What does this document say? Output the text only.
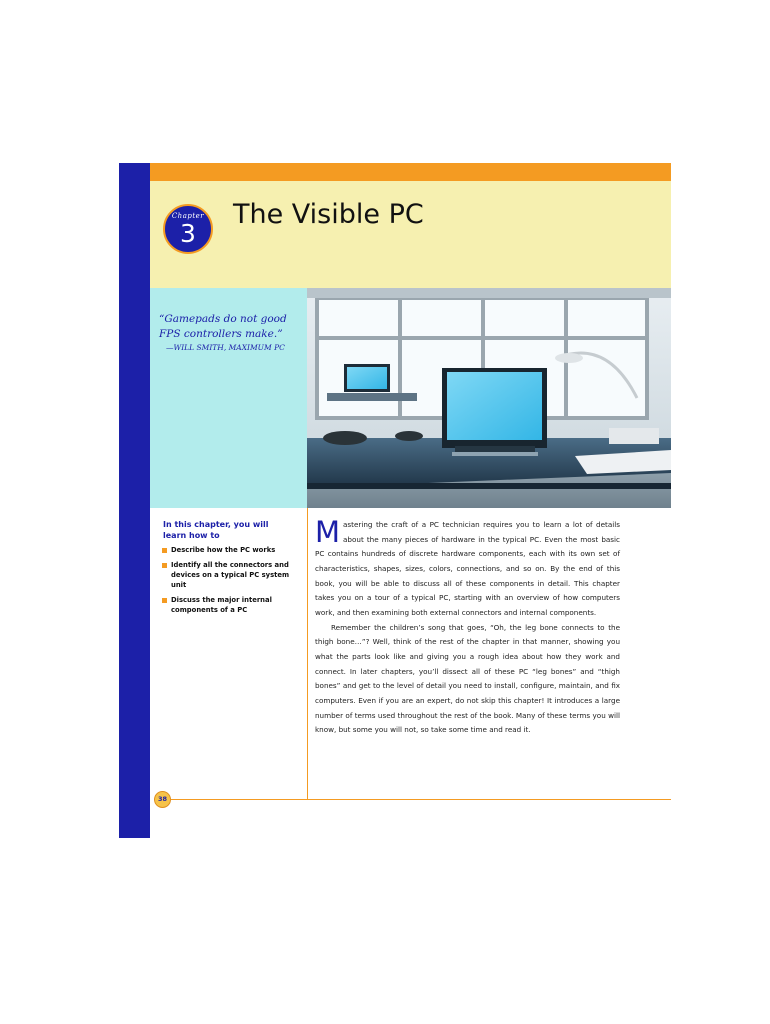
Chapter
3
The Visible PC
“Gamepads do not good FPS controllers make.”
—WILL SMITH, MAXIMUM PC
In this chapter, you will learn how to
Describe how the PC works
Identify all the connectors and devices on a typical PC system unit
Discuss the major internal components of a PC

Mastering the craft of a PC technician requires you to learn a lot of details about the many pieces of hardware in the typical PC. Even the most basic PC contains hundreds of discrete hardware components, each with its own set of characteristics, shapes, sizes, colors, connections, and so on. By the end of this book, you will be able to discuss all of these components in detail. This chapter takes you on a tour of a typical PC, starting with an overview of how computers work, and then examining both external connectors and internal components.

Remember the children’s song that goes, “Oh, the leg bone connects to the thigh bone…”? Well, think of the rest of the chapter in that manner, showing you what the parts look like and giving you a rough idea about how they work and connect. In later chapters, you’ll dissect all of these PC “leg bones” and “thigh bones” and get to the level of detail you need to install, configure, maintain, and fix computers. Even if you are an expert, do not skip this chapter! It introduces a large number of terms used throughout the rest of the book. Many of these terms you will know, but some you will not, so take some time and read it.

38
